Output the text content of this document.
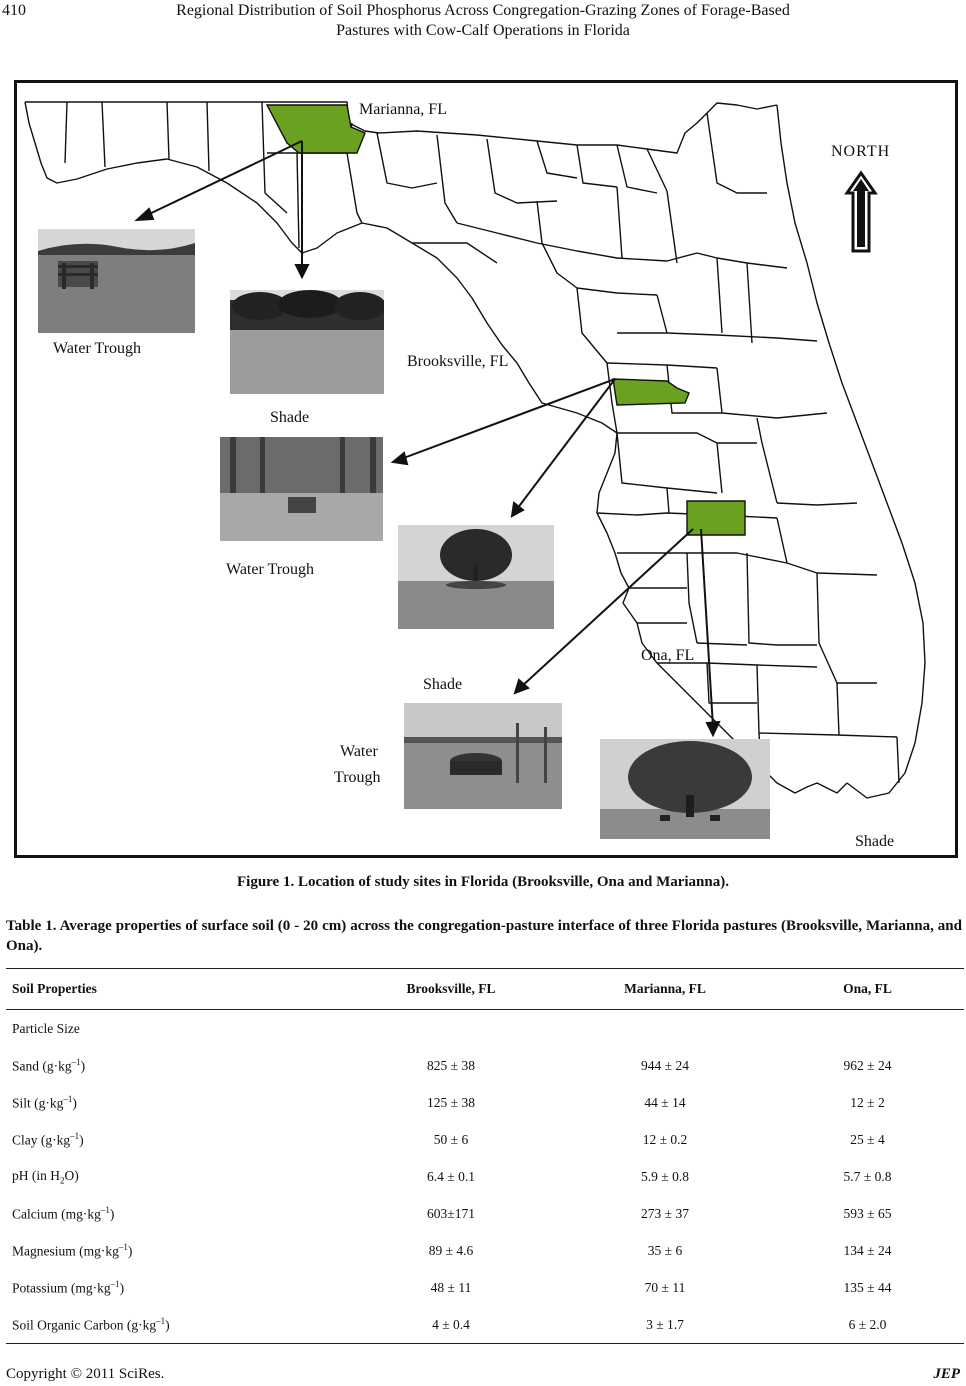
410	Regional Distribution of Soil Phosphorus Across Congregation-Grazing Zones of Forage-Based
Pastures with Cow-Calf Operations in Florida
Marianna, FL
NORTH
Water Trough
Brooksville, FL
Shade
Water Trough
Ona, FL
Shade
Water
Trough
Shade
Figure 1. Location of study sites in Florida (Brooksville, Ona and Marianna).
Table 1. Average properties of surface soil (0 - 20 cm) across the congregation-pasture interface of three Florida pastures (Brooksville, Marianna, and Ona).
Soil Properties	Brooksville, FL	Marianna, FL	Ona, FL
Particle Size			
Sand $(g\cdot kg^{-1})$	825 ± 38	944 ± 24	962 ± 24
Silt $(g\cdot kg^{-1})$	125 ± 38	44 ± 14	12 ± 2
Clay $(g\cdot kg^{-1})$	50 ± 6	12 ± 0.2	25 ± 4
pH (in $H_2O$)	6.4 ± 0.1	5.9 ± 0.8	5.7 ± 0.8
Calcium $(mg\cdot kg^{-1})$	603±171	273 ± 37	593 ± 65
Magnesium $(mg\cdot kg^{-1})$	89 ± 4.6	35 ± 6	134 ± 24
Potassium $(mg\cdot kg^{-1})$	48 ± 11	70 ± 11	135 ± 44
Soil Organic Carbon $(g\cdot kg^{-1})$	4 ± 0.4	3 ± 1.7	6 ± 2.0
Copyright © 2011 SciRes.	JEP
